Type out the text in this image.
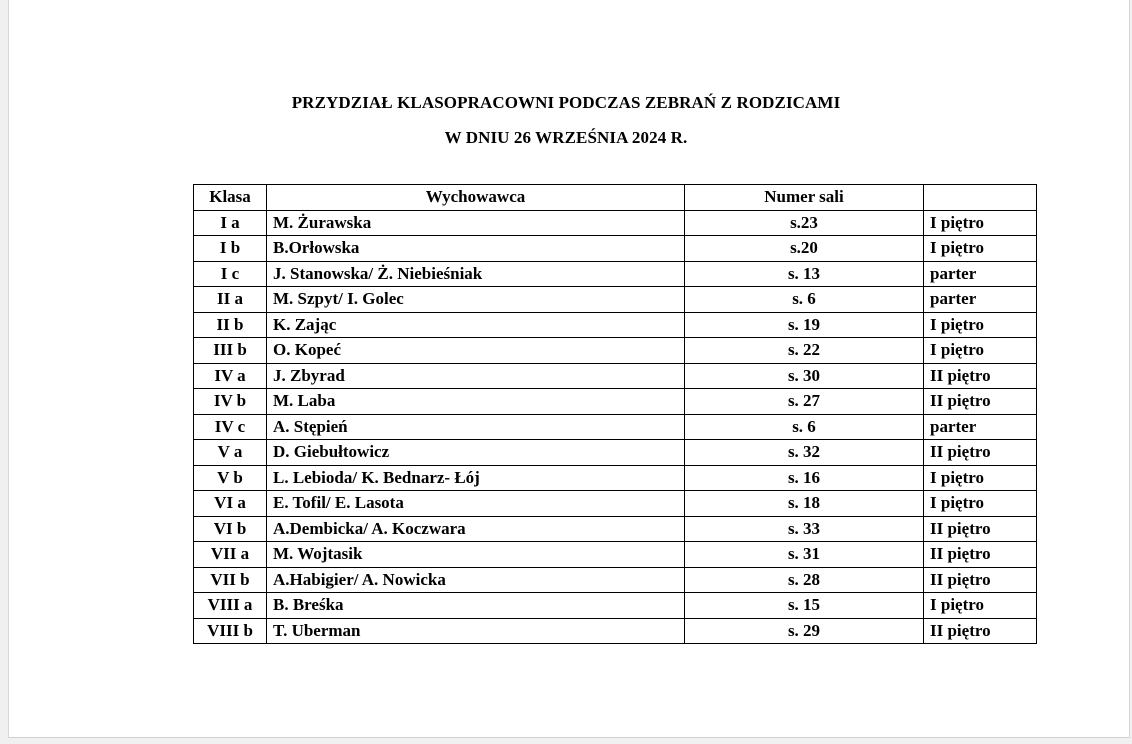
PRZYDZIAŁ KLASOPRACOWNI PODCZAS ZEBRAŃ Z RODZICAMI
W DNIU 26 WRZEŚNIA 2024 R.
Klasa	Wychowawca	Numer sali	
I a	M. Żurawska	s.23	I piętro
I b	B.Orłowska	s.20	I piętro
I c	J. Stanowska/ Ż. Niebieśniak	s. 13	parter
II a	M. Szpyt/ I. Golec	s. 6	parter
II b	K. Zając	s. 19	I piętro
III b	O. Kopeć	s. 22	I piętro
IV a	J. Zbyrad	s. 30	II piętro
IV b	M. Laba	s. 27	II piętro
IV c	A. Stępień	s. 6	parter
V a	D. Giebułtowicz	s. 32	II piętro
V b	L. Lebioda/ K. Bednarz- Łój	s. 16	I piętro
VI a	E. Tofil/ E. Lasota	s. 18	I piętro
VI b	A.Dembicka/ A. Koczwara	s. 33	II piętro
VII a	M. Wojtasik	s. 31	II piętro
VII b	A.Habigier/ A. Nowicka	s. 28	II piętro
VIII a	B. Breśka	s. 15	I piętro
VIII b	T. Uberman	s. 29	II piętro
